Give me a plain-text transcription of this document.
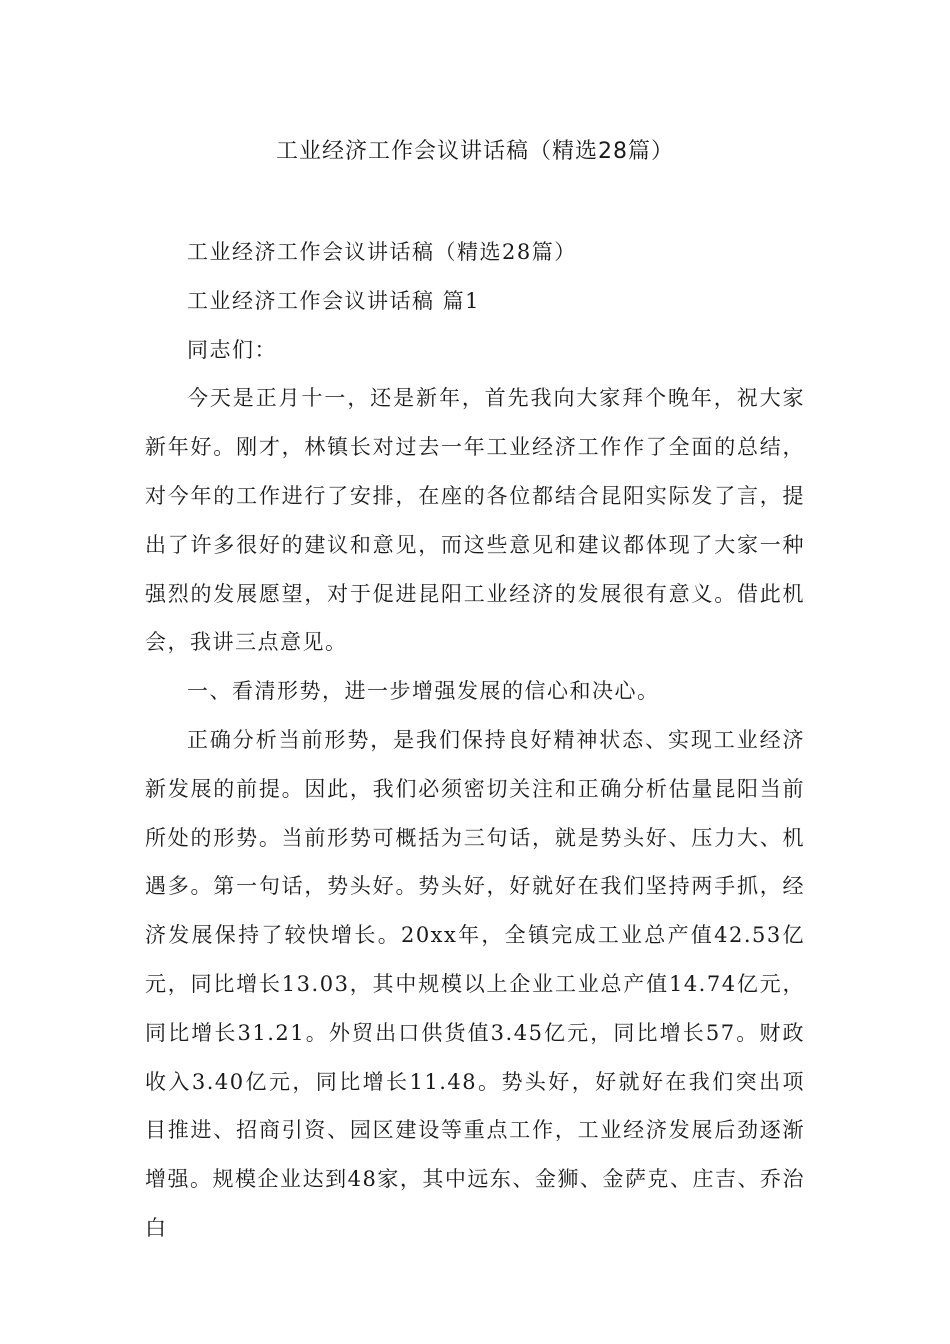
工业经济工作会议讲话稿（精选28篇）

工业经济工作会议讲话稿（精选28篇）

工业经济工作会议讲话稿 篇1

同志们：

今天是正月十一，还是新年，首先我向大家拜个晚年，祝大家新年好。刚才，林镇长对过去一年工业经济工作作了全面的总结，对今年的工作进行了安排，在座的各位都结合昆阳实际发了言，提出了许多很好的建议和意见，而这些意见和建议都体现了大家一种强烈的发展愿望，对于促进昆阳工业经济的发展很有意义。借此机会，我讲三点意见。

一、看清形势，进一步增强发展的信心和决心。

正确分析当前形势，是我们保持良好精神状态、实现工业经济新发展的前提。因此，我们必须密切关注和正确分析估量昆阳当前所处的形势。当前形势可概括为三句话，就是势头好、压力大、机遇多。第一句话，势头好。势头好，好就好在我们坚持两手抓，经济发展保持了较快增长。20xx年，全镇完成工业总产值42.53亿元，同比增长13.03，其中规模以上企业工业总产值14.74亿元，同比增长31.21。外贸出口供货值3.45亿元，同比增长57。财政收入3.40亿元，同比增长11.48。势头好，好就好在我们突出项目推进、招商引资、园区建设等重点工作，工业经济发展后劲逐渐增强。规模企业达到48家，其中远东、金狮、金萨克、庄吉、乔治白
